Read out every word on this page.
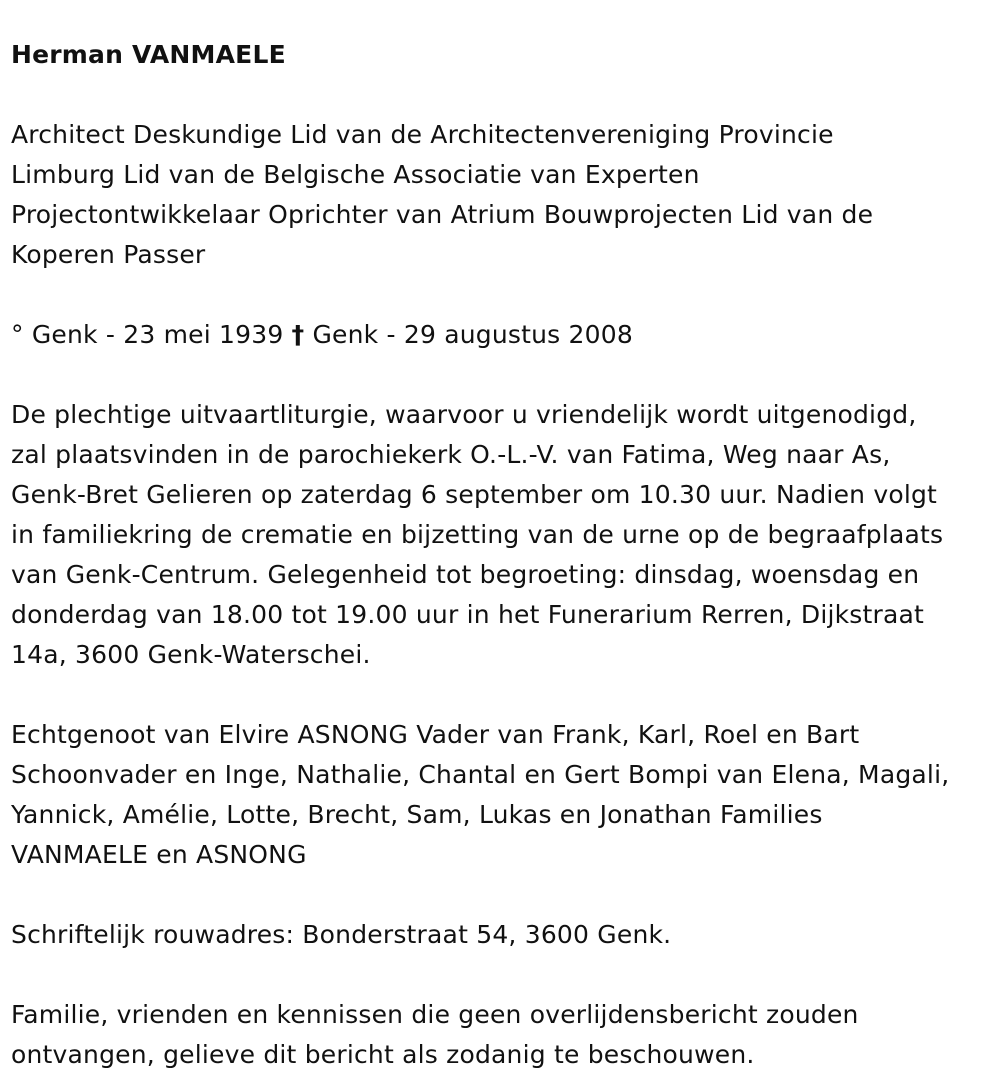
Herman VANMAELE
Architect Deskundige Lid van de Architectenvereniging Provincie
Limburg Lid van de Belgische Associatie van Experten
Projectontwikkelaar Oprichter van Atrium Bouwprojecten Lid van de
Koperen Passer
° Genk - 23 mei 1939 † Genk - 29 augustus 2008
De plechtige uitvaartliturgie, waarvoor u vriendelijk wordt uitgenodigd,
zal plaatsvinden in de parochiekerk O.-L.-V. van Fatima, Weg naar As,
Genk-Bret Gelieren op zaterdag 6 september om 10.30 uur. Nadien volgt
in familiekring de crematie en bijzetting van de urne op de begraafplaats
van Genk-Centrum. Gelegenheid tot begroeting: dinsdag, woensdag en
donderdag van 18.00 tot 19.00 uur in het Funerarium Rerren, Dijkstraat
14a, 3600 Genk-Waterschei.
Echtgenoot van Elvire ASNONG Vader van Frank, Karl, Roel en Bart
Schoonvader en Inge, Nathalie, Chantal en Gert Bompi van Elena, Magali,
Yannick, Amélie, Lotte, Brecht, Sam, Lukas en Jonathan Families
VANMAELE en ASNONG
Schriftelijk rouwadres: Bonderstraat 54, 3600 Genk.
Familie, vrienden en kennissen die geen overlijdensbericht zouden
ontvangen, gelieve dit bericht als zodanig te beschouwen.
